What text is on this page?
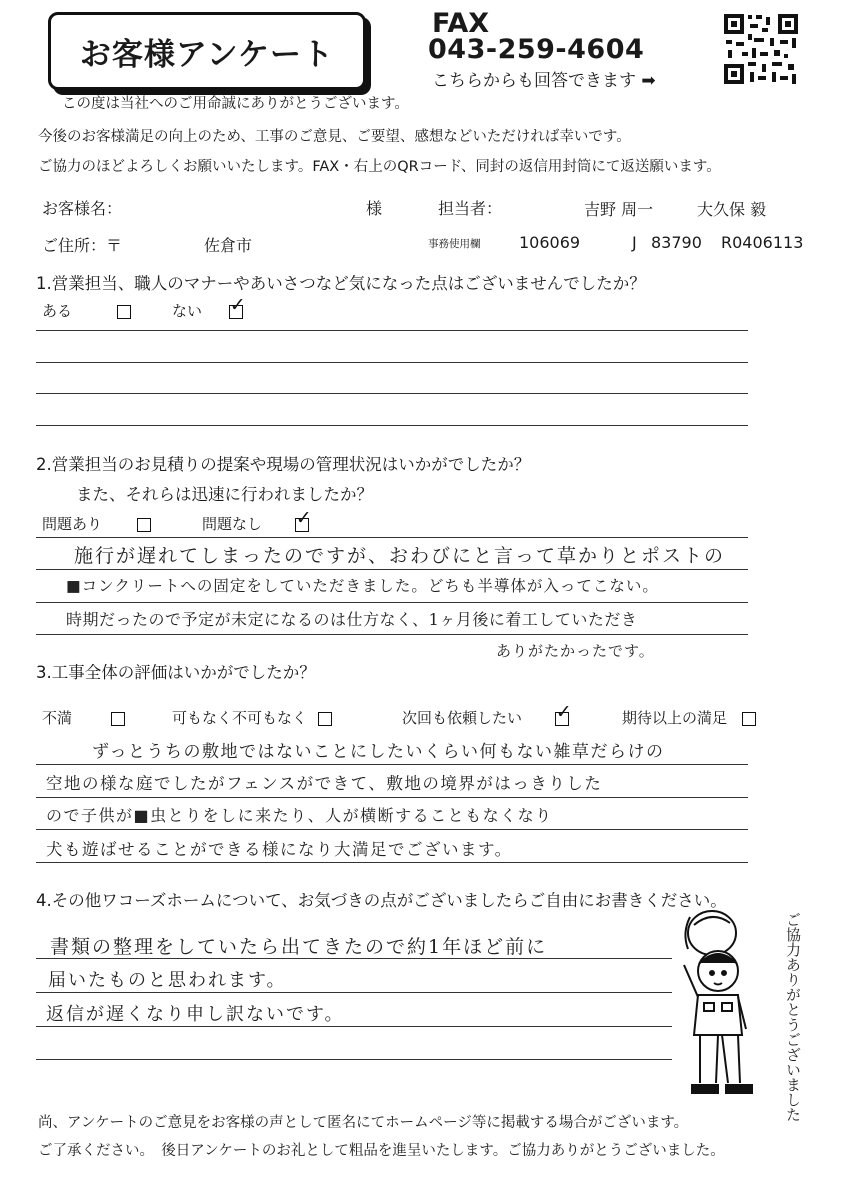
お客様アンケート
FAX
043-259-4604
こちらからも回答できます ➡
この度は当社へのご用命誠にありがとうございます。
今後のお客様満足の向上のため、工事のご意見、ご要望、感想などいただければ幸いです。
ご協力のほどよろしくお願いいたします。FAX・右上のQRコード、同封の返信用封筒にて返送願います。
お客様名：	様	担当者：	吉野 周一	大久保 毅
ご住所：〒	佐倉市	事務使用欄 106069	J 83790 R0406113
1.営業担当、職人のマナーやあいさつなど気になった点はございませんでしたか？
ある	ない ✓
2.営業担当のお見積りの提案や現場の管理状況はいかがでしたか？
また、それらは迅速に行われましたか？
問題あり	問題なし ✓
施行が遅れてしまったのですが、おわびにと言って草かりとポストの
■コンクリートへの固定をしていただきました。どちも半導体が入ってこない。
時期だったので予定が未定になるのは仕方なく、1ヶ月後に着工していただき
ありがたかったです。
3.工事全体の評価はいかがでしたか？
不満	可もなく不可もなく	次回も依頼したい ✓	期待以上の満足
ずっとうちの敷地ではないことにしたいくらい何もない雑草だらけの
空地の様な庭でしたがフェンスができて、敷地の境界がはっきりした
ので子供が■虫とりをしに来たり、人が横断することもなくなり
犬も遊ばせることができる様になり大満足でございます。
4.その他ワコーズホームについて、お気づきの点がございましたらご自由にお書きください。
書類の整理をしていたら出てきたので約1年ほど前に
届いたものと思われます。
返信が遅くなり申し訳ないです。	ご協力ありがとうございました
尚、アンケートのご意見をお客様の声として匿名にてホームページ等に掲載する場合がございます。
ご了承ください。　後日アンケートのお礼として粗品を進呈いたします。ご協力ありがとうございました。
